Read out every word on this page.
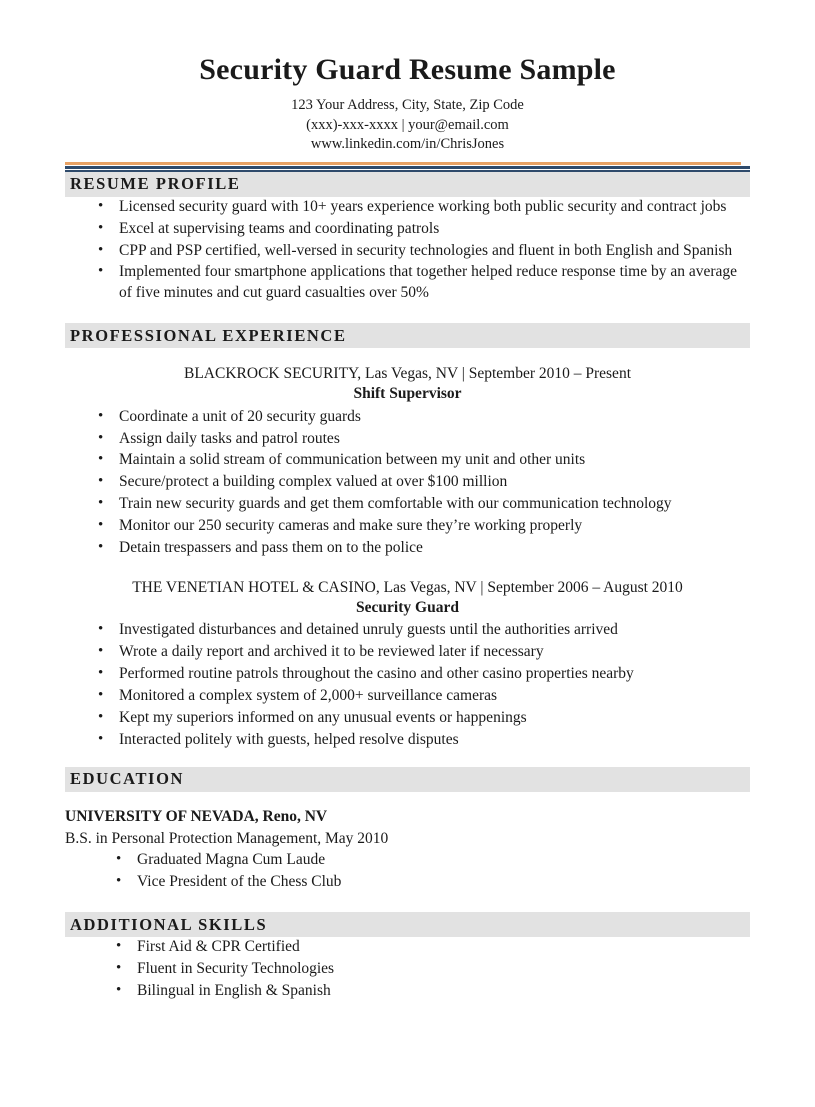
Security Guard Resume Sample
123 Your Address, City, State, Zip Code
(xxx)-xxx-xxxx | your@email.com
www.linkedin.com/in/ChrisJones
RESUME PROFILE
• Licensed security guard with 10+ years experience working both public security and contract jobs
• Excel at supervising teams and coordinating patrols
• CPP and PSP certified, well-versed in security technologies and fluent in both English and Spanish
• Implemented four smartphone applications that together helped reduce response time by an average of five minutes and cut guard casualties over 50%
PROFESSIONAL EXPERIENCE
BLACKROCK SECURITY, Las Vegas, NV | September 2010 – Present
Shift Supervisor
• Coordinate a unit of 20 security guards
• Assign daily tasks and patrol routes
• Maintain a solid stream of communication between my unit and other units
• Secure/protect a building complex valued at over $100 million
• Train new security guards and get them comfortable with our communication technology
• Monitor our 250 security cameras and make sure they’re working properly
• Detain trespassers and pass them on to the police
THE VENETIAN HOTEL & CASINO, Las Vegas, NV | September 2006 – August 2010
Security Guard
• Investigated disturbances and detained unruly guests until the authorities arrived
• Wrote a daily report and archived it to be reviewed later if necessary
• Performed routine patrols throughout the casino and other casino properties nearby
• Monitored a complex system of 2,000+ surveillance cameras
• Kept my superiors informed on any unusual events or happenings
• Interacted politely with guests, helped resolve disputes
EDUCATION
UNIVERSITY OF NEVADA, Reno, NV
B.S. in Personal Protection Management, May 2010
• Graduated Magna Cum Laude
• Vice President of the Chess Club
ADDITIONAL SKILLS
• First Aid & CPR Certified
• Fluent in Security Technologies
• Bilingual in English & Spanish
